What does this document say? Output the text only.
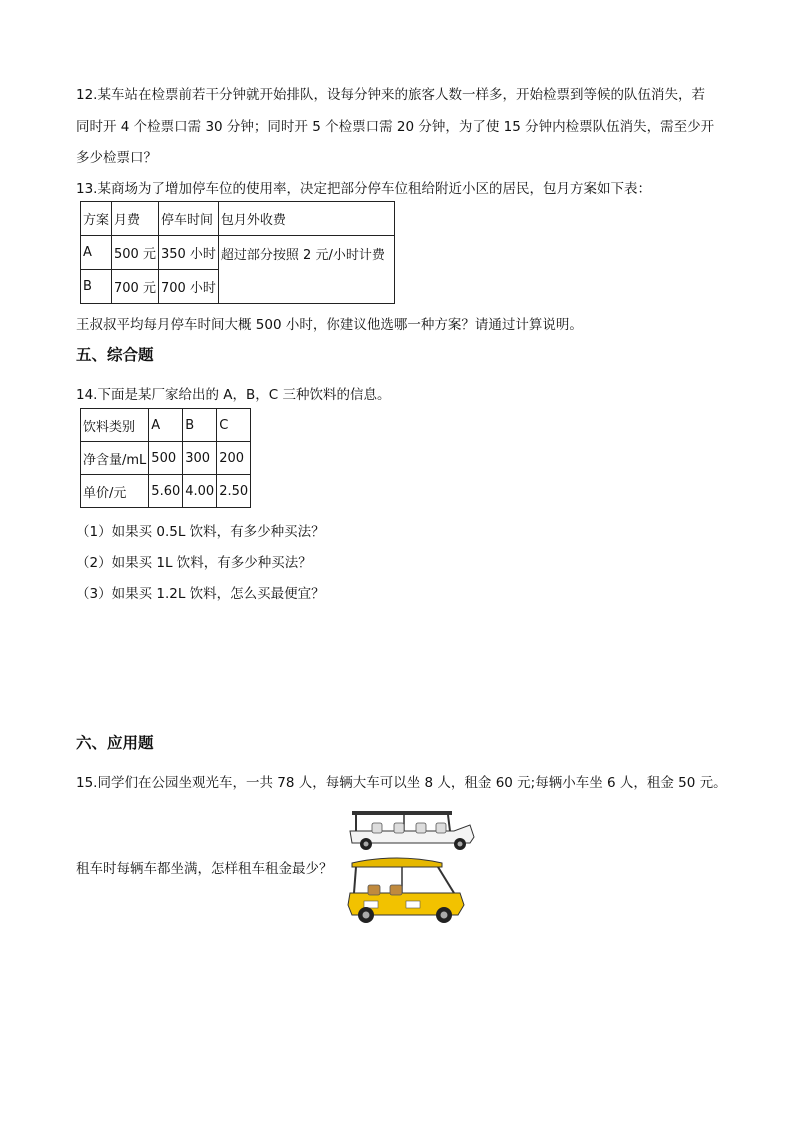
12.某车站在检票前若干分钟就开始排队，设每分钟来的旅客人数一样多，开始检票到等候的队伍消失，若
同时开 4 个检票口需 30 分钟；同时开 5 个检票口需 20 分钟，为了使 15 分钟内检票队伍消失，需至少开
多少检票口？
13.某商场为了增加停车位的使用率，决定把部分停车位租给附近小区的居民，包月方案如下表：
方案	月费	停车时间	包月外收费
A	500 元	350 小时	超过部分按照 2 元/小时计费
B	700 元	700 小时	
王叔叔平均每月停车时间大概 500 小时，你建议他选哪一种方案？请通过计算说明。
五、综合题
14.下面是某厂家给出的 A，B，C 三种饮料的信息。
饮料类别	A	B	C
净含量/mL	500	300	200
单价/元	5.60	4.00	2.50
（1）如果买 0.5L 饮料，有多少种买法？
（2）如果买 1L 饮料，有多少种买法？
（3）如果买 1.2L 饮料，怎么买最便宜？
六、应用题
15.同学们在公园坐观光车，一共 78 人，每辆大车可以坐 8 人，租金 60 元;每辆小车坐 6 人，租金 50 元。
租车时每辆车都坐满，怎样租车租金最少？
